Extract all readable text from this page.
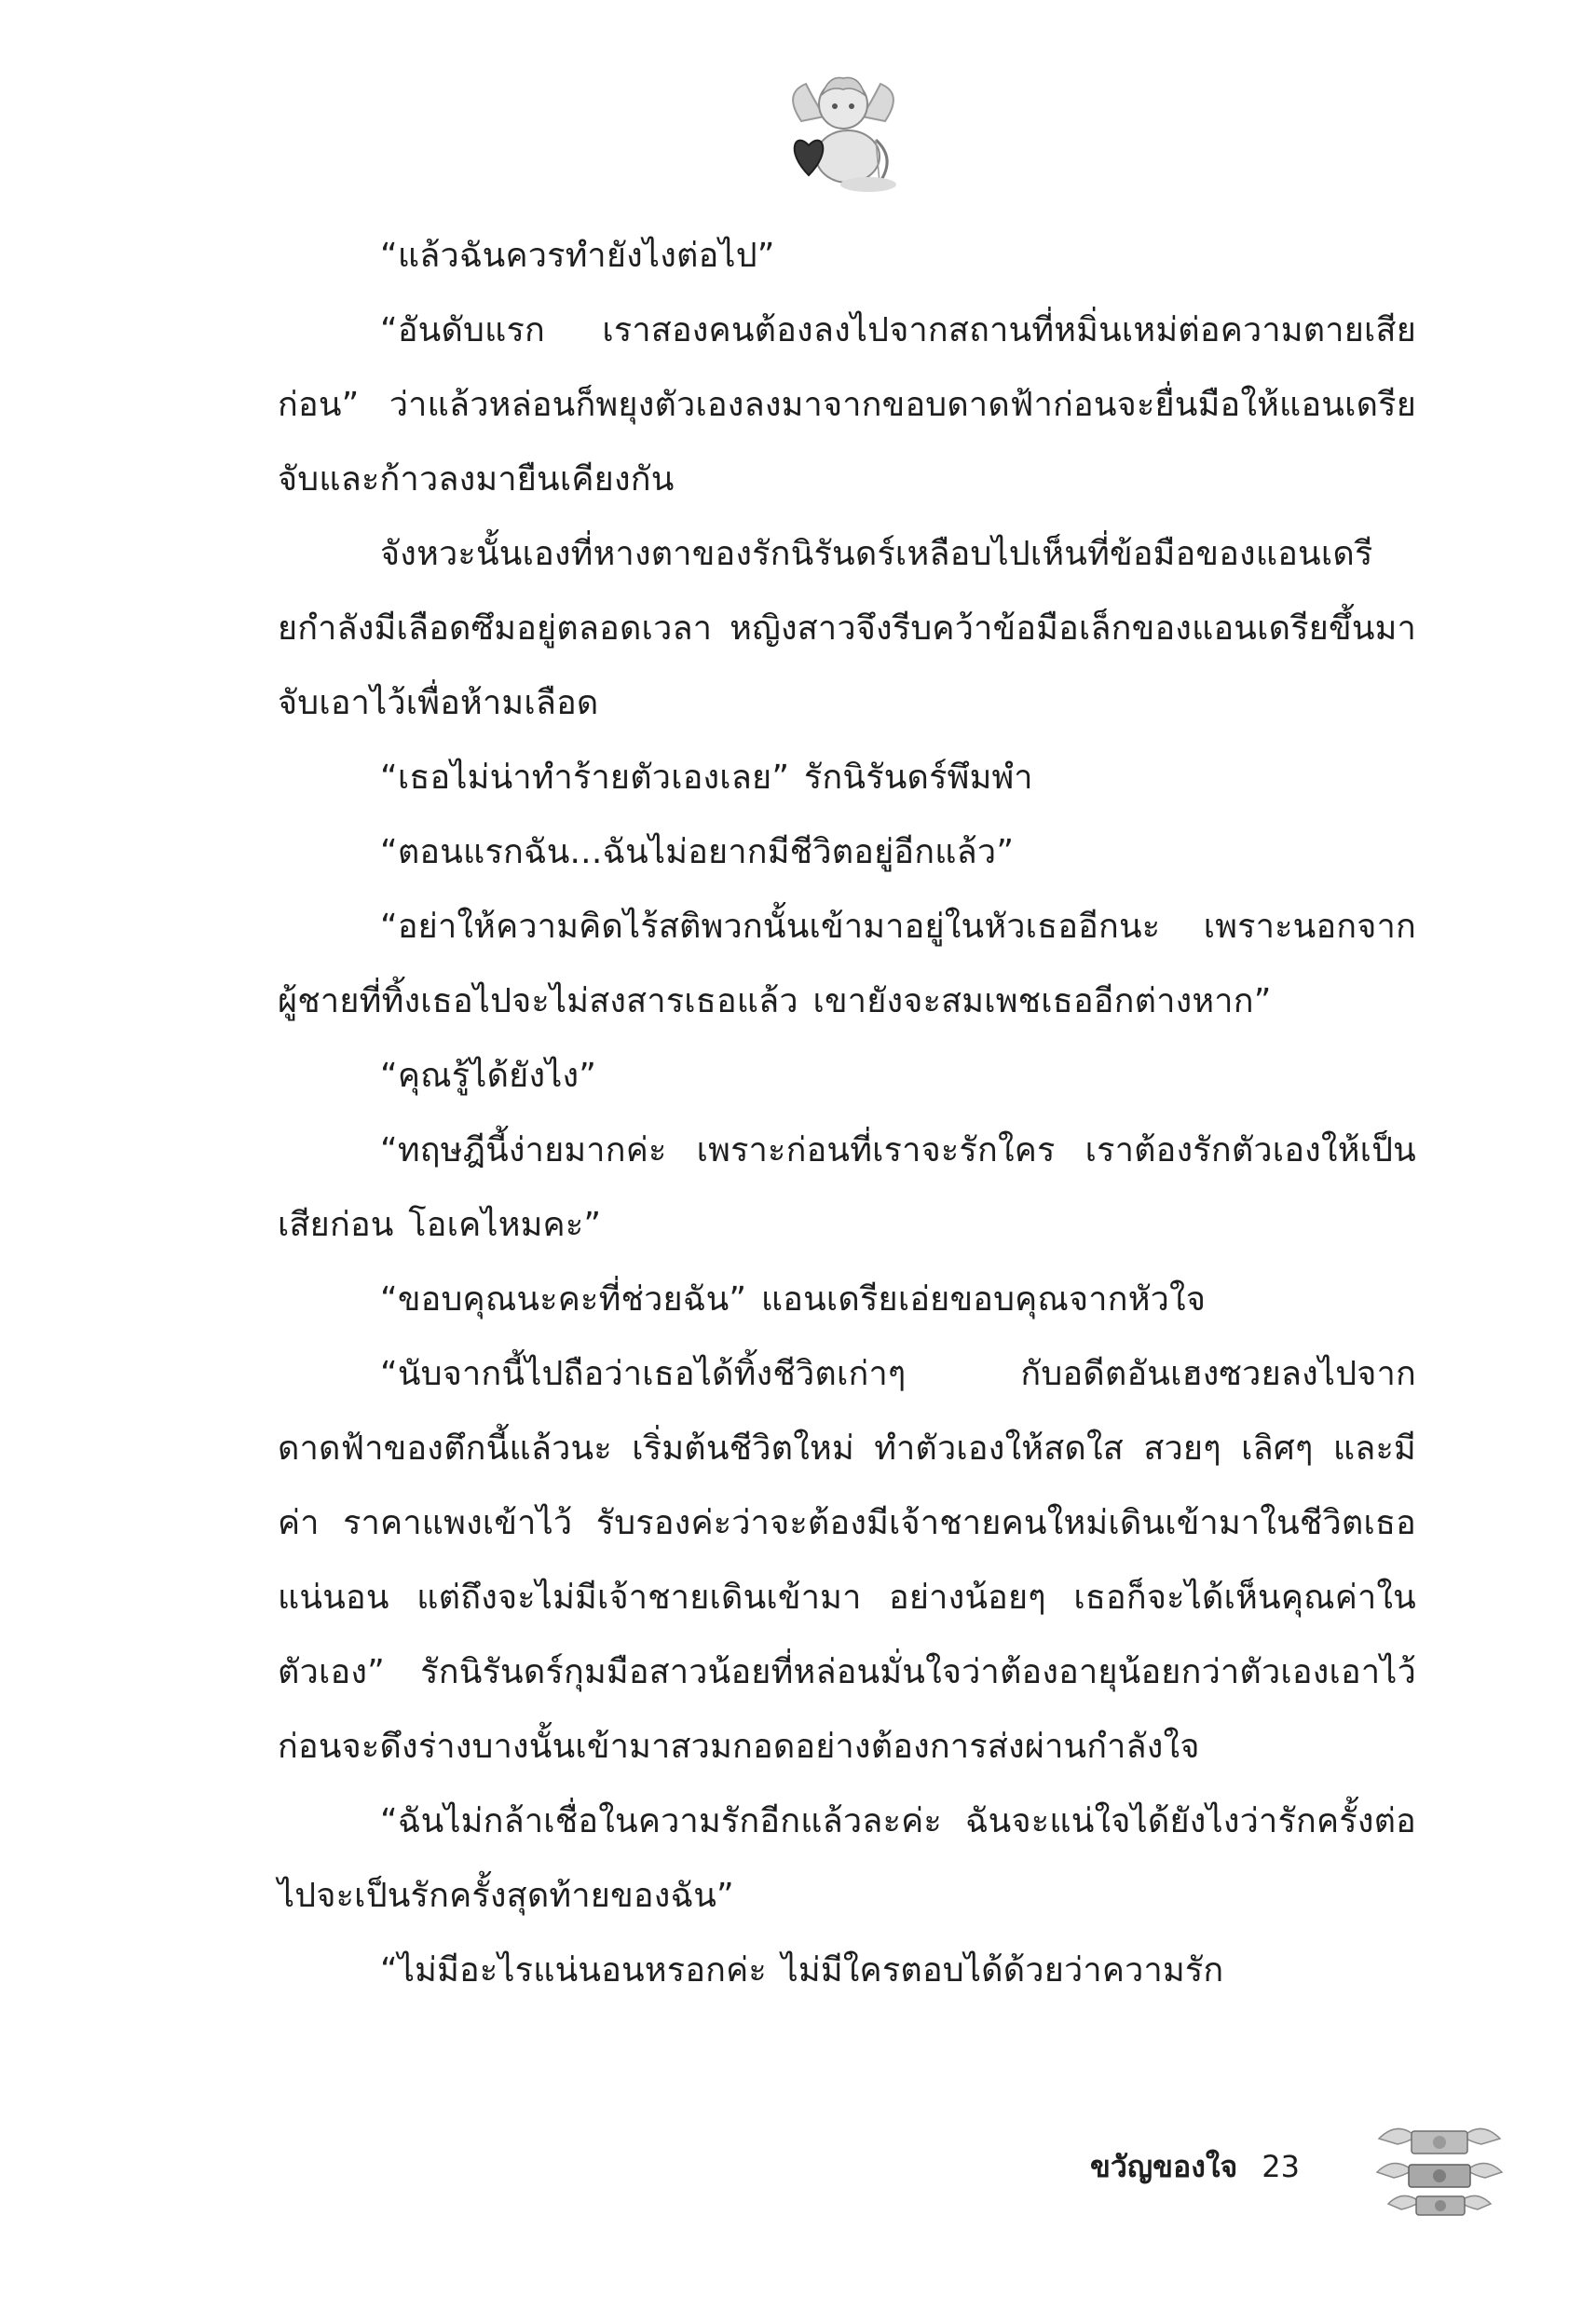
“แล้วฉันควรทำยังไงต่อไป”

“อันดับแรก เราสองคนต้องลงไปจากสถานที่หมิ่นเหม่ต่อความตายเสียก่อน” ว่าแล้วหล่อนก็พยุงตัวเองลงมาจากขอบดาดฟ้าก่อนจะยื่นมือให้แอนเดรียจับและก้าวลงมายืนเคียงกัน

จังหวะนั้นเองที่หางตาของรักนิรันดร์เหลือบไปเห็นที่ข้อมือของแอนเดรียกำลังมีเลือดซึมอยู่ตลอดเวลา หญิงสาวจึงรีบคว้าข้อมือเล็กของแอนเดรียขึ้นมาจับเอาไว้เพื่อห้ามเลือด

“เธอไม่น่าทำร้ายตัวเองเลย” รักนิรันดร์พึมพำ

“ตอนแรกฉัน...ฉันไม่อยากมีชีวิตอยู่อีกแล้ว”

“อย่าให้ความคิดไร้สติพวกนั้นเข้ามาอยู่ในหัวเธออีกนะ เพราะนอกจากผู้ชายที่ทิ้งเธอไปจะไม่สงสารเธอแล้ว เขายังจะสมเพชเธออีกต่างหาก”

“คุณรู้ได้ยังไง”

“ทฤษฎีนี้ง่ายมากค่ะ เพราะก่อนที่เราจะรักใคร เราต้องรักตัวเองให้เป็นเสียก่อน โอเคไหมคะ”

“ขอบคุณนะคะที่ช่วยฉัน” แอนเดรียเอ่ยขอบคุณจากหัวใจ

“นับจากนี้ไปถือว่าเธอได้ทิ้งชีวิตเก่าๆ กับอดีตอันเฮงซวยลงไปจากดาดฟ้าของตึกนี้แล้วนะ เริ่มต้นชีวิตใหม่ ทำตัวเองให้สดใส สวยๆ เลิศๆ และมีค่า ราคาแพงเข้าไว้ รับรองค่ะว่าจะต้องมีเจ้าชายคนใหม่เดินเข้ามาในชีวิตเธอแน่นอน แต่ถึงจะไม่มีเจ้าชายเดินเข้ามา อย่างน้อยๆ เธอก็จะได้เห็นคุณค่าในตัวเอง” รักนิรันดร์กุมมือสาวน้อยที่หล่อนมั่นใจว่าต้องอายุน้อยกว่าตัวเองเอาไว้ ก่อนจะดึงร่างบางนั้นเข้ามาสวมกอดอย่างต้องการส่งผ่านกำลังใจ

“ฉันไม่กล้าเชื่อในความรักอีกแล้วละค่ะ ฉันจะแน่ใจได้ยังไงว่ารักครั้งต่อไปจะเป็นรักครั้งสุดท้ายของฉัน”

“ไม่มีอะไรแน่นอนหรอกค่ะ ไม่มีใครตอบได้ด้วยว่าความรัก

ขวัญของใจ 23
